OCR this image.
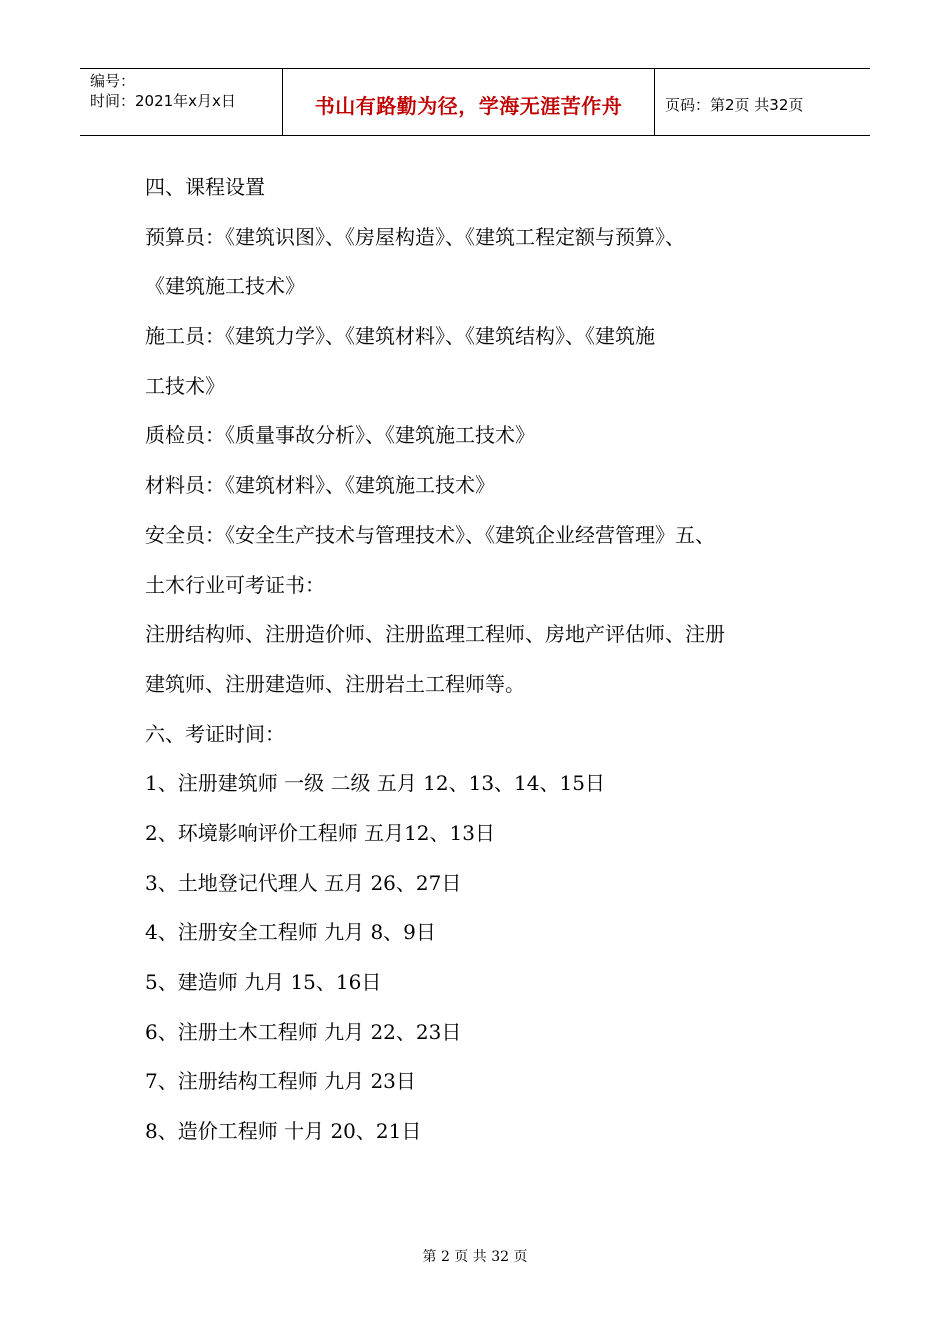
编号：
时间：2021年x月x日	书山有路勤为径，学海无涯苦作舟	页码：第2页 共32页
四、课程设置
预算员：《建筑识图》、《房屋构造》、《建筑工程定额与预算》、
《建筑施工技术》
施工员：《建筑力学》、《建筑材料》、《建筑结构》、《建筑施
工技术》
质检员：《质量事故分析》、《建筑施工技术》
材料员：《建筑材料》、《建筑施工技术》
安全员：《安全生产技术与管理技术》、《建筑企业经营管理》五、
土木行业可考证书：
注册结构师、注册造价师、注册监理工程师、房地产评估师、注册
建筑师、注册建造师、注册岩土工程师等。
六、考证时间：
1、注册建筑师 一级 二级 五月 12、13、14、15日
2、环境影响评价工程师 五月12、13日
3、土地登记代理人 五月 26、27日
4、注册安全工程师 九月 8、9日
5、建造师 九月 15、16日
6、注册土木工程师 九月 22、23日
7、注册结构工程师 九月 23日
8、造价工程师 十月 20、21日
第 2 页 共 32 页
